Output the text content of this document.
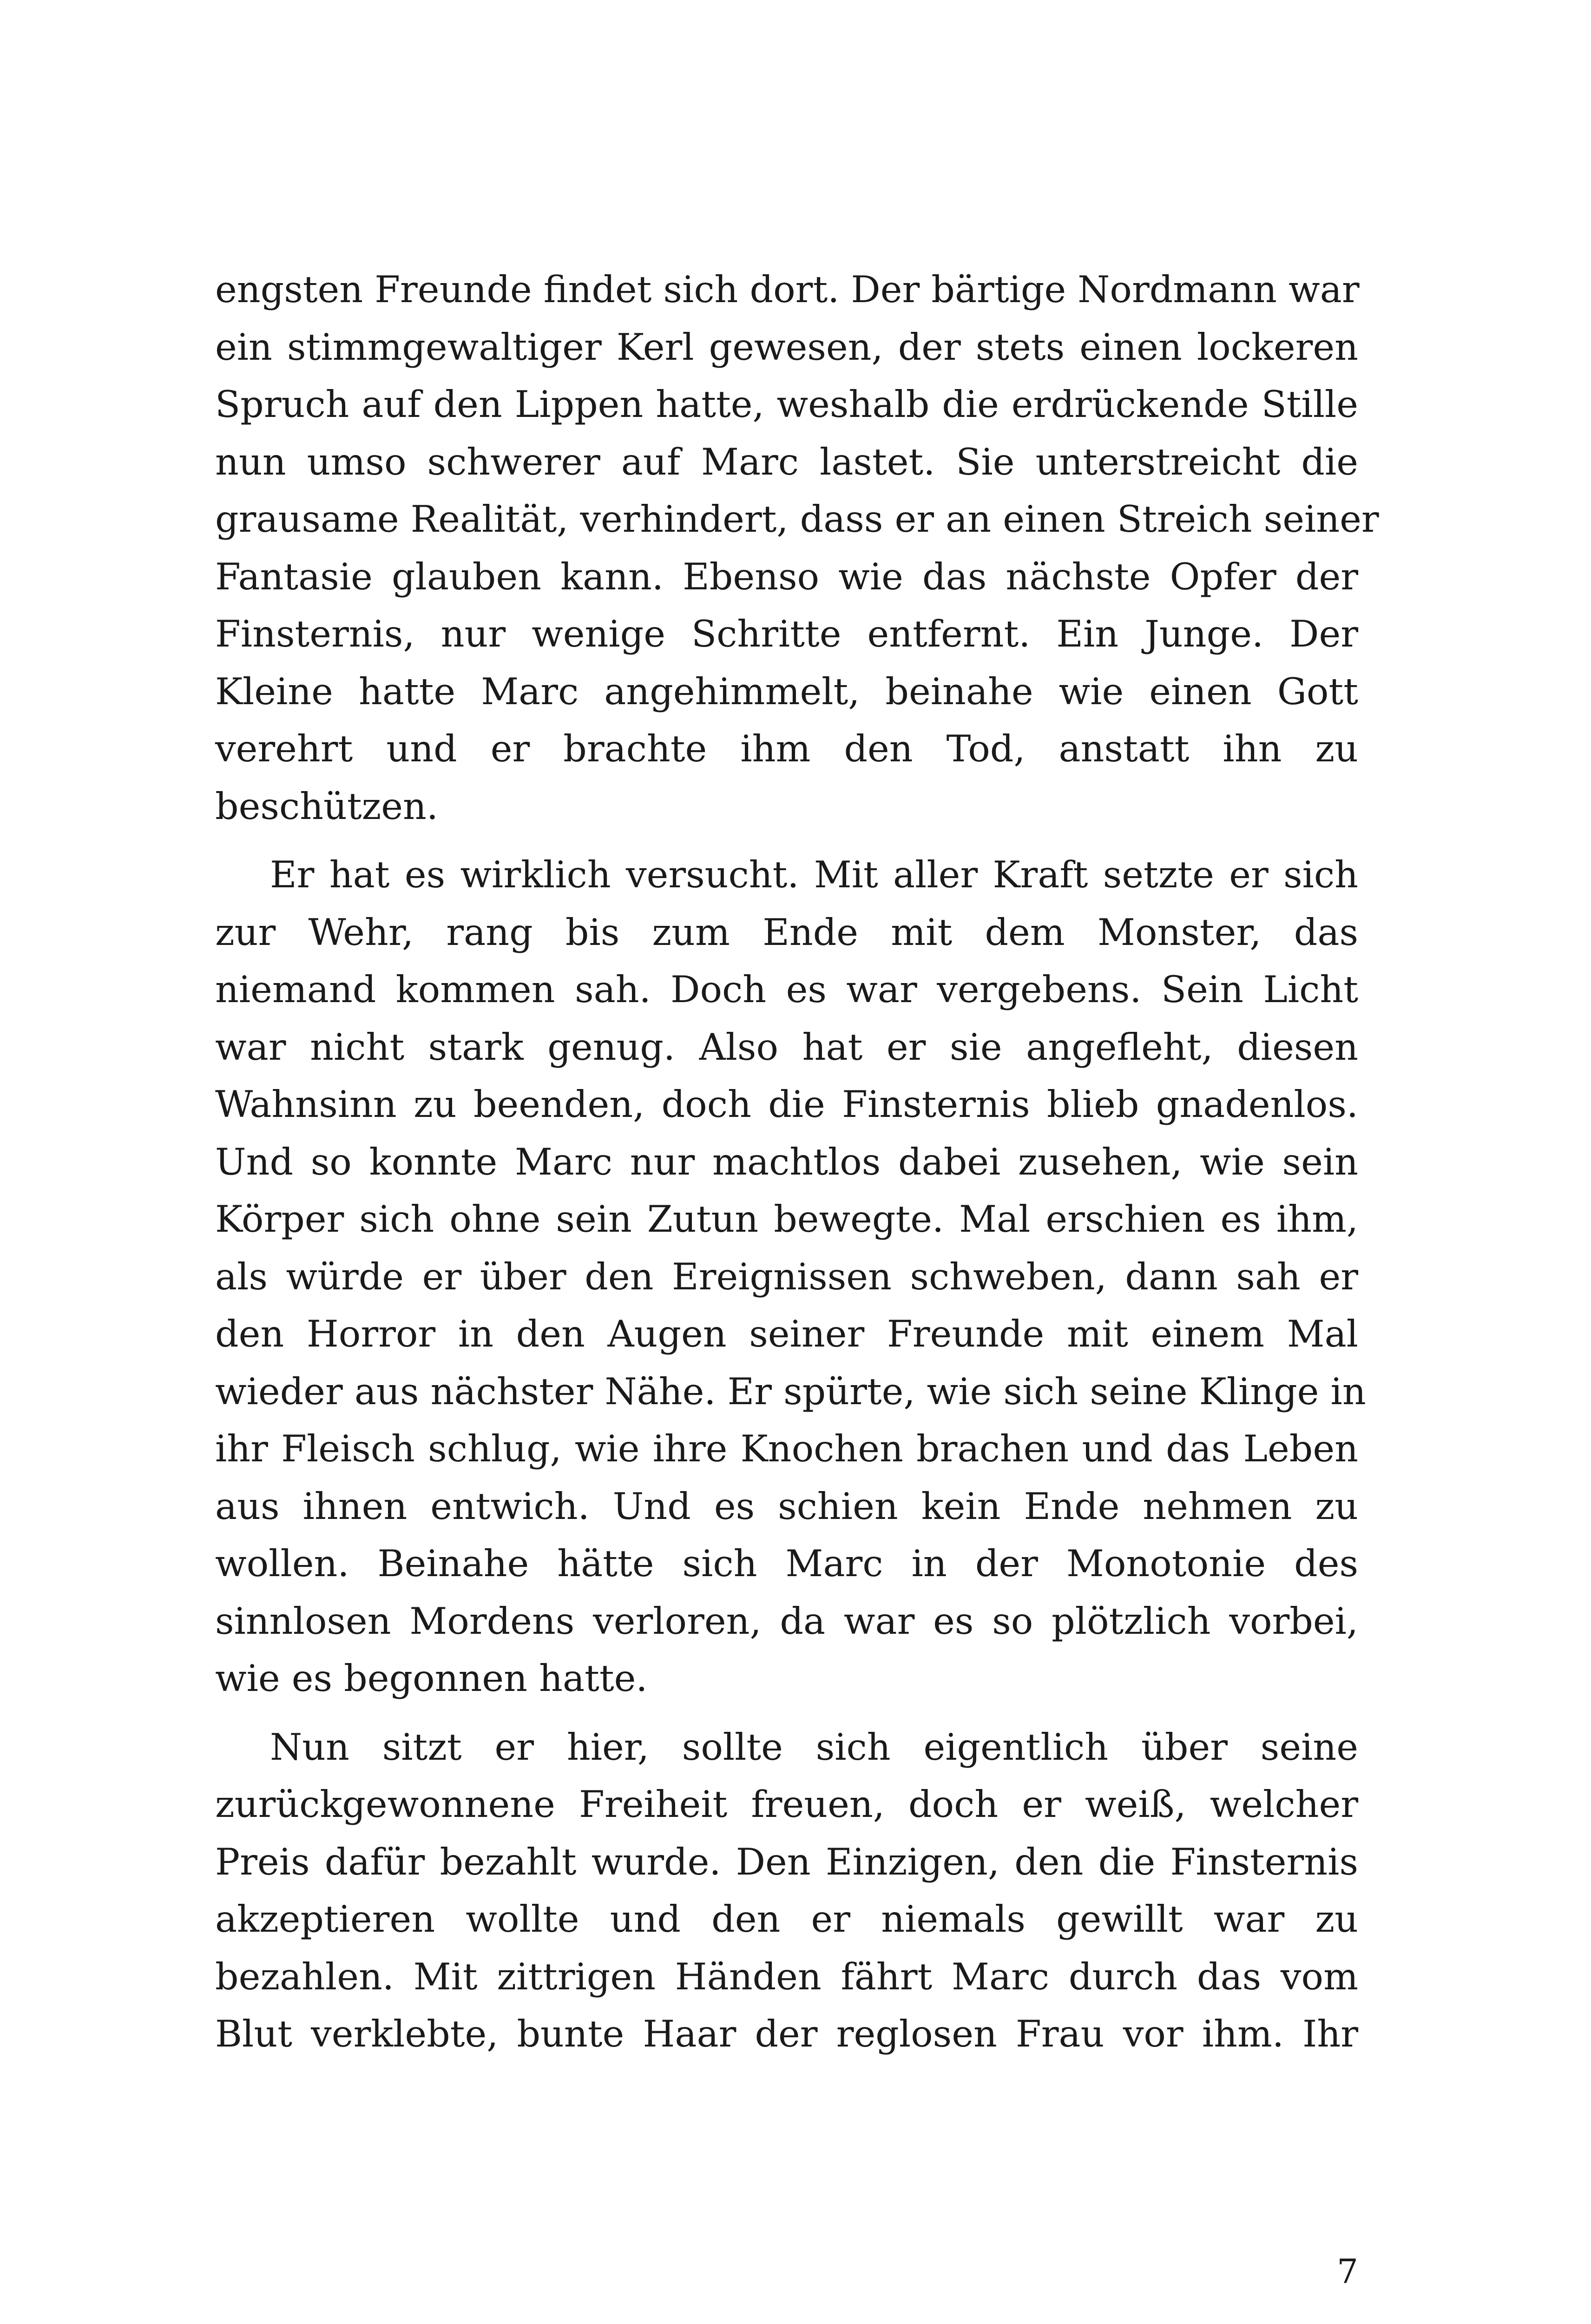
engsten Freunde findet sich dort. Der bärtige Nordmann war
ein stimmgewaltiger Kerl gewesen, der stets einen lockeren
Spruch auf den Lippen hatte, weshalb die erdrückende Stille
nun umso schwerer auf Marc lastet. Sie unterstreicht die
grausame Realität, verhindert, dass er an einen Streich seiner
Fantasie glauben kann. Ebenso wie das nächste Opfer der
Finsternis, nur wenige Schritte entfernt. Ein Junge. Der
Kleine hatte Marc angehimmelt, beinahe wie einen Gott
verehrt und er brachte ihm den Tod, anstatt ihn zu
beschützen.

Er hat es wirklich versucht. Mit aller Kraft setzte er sich
zur Wehr, rang bis zum Ende mit dem Monster, das
niemand kommen sah. Doch es war vergebens. Sein Licht
war nicht stark genug. Also hat er sie angefleht, diesen
Wahnsinn zu beenden, doch die Finsternis blieb gnadenlos.
Und so konnte Marc nur machtlos dabei zusehen, wie sein
Körper sich ohne sein Zutun bewegte. Mal erschien es ihm,
als würde er über den Ereignissen schweben, dann sah er
den Horror in den Augen seiner Freunde mit einem Mal
wieder aus nächster Nähe. Er spürte, wie sich seine Klinge in
ihr Fleisch schlug, wie ihre Knochen brachen und das Leben
aus ihnen entwich. Und es schien kein Ende nehmen zu
wollen. Beinahe hätte sich Marc in der Monotonie des
sinnlosen Mordens verloren, da war es so plötzlich vorbei,
wie es begonnen hatte.

Nun sitzt er hier, sollte sich eigentlich über seine
zurückgewonnene Freiheit freuen, doch er weiß, welcher
Preis dafür bezahlt wurde. Den Einzigen, den die Finsternis
akzeptieren wollte und den er niemals gewillt war zu
bezahlen. Mit zittrigen Händen fährt Marc durch das vom
Blut verklebte, bunte Haar der reglosen Frau vor ihm. Ihr

7
